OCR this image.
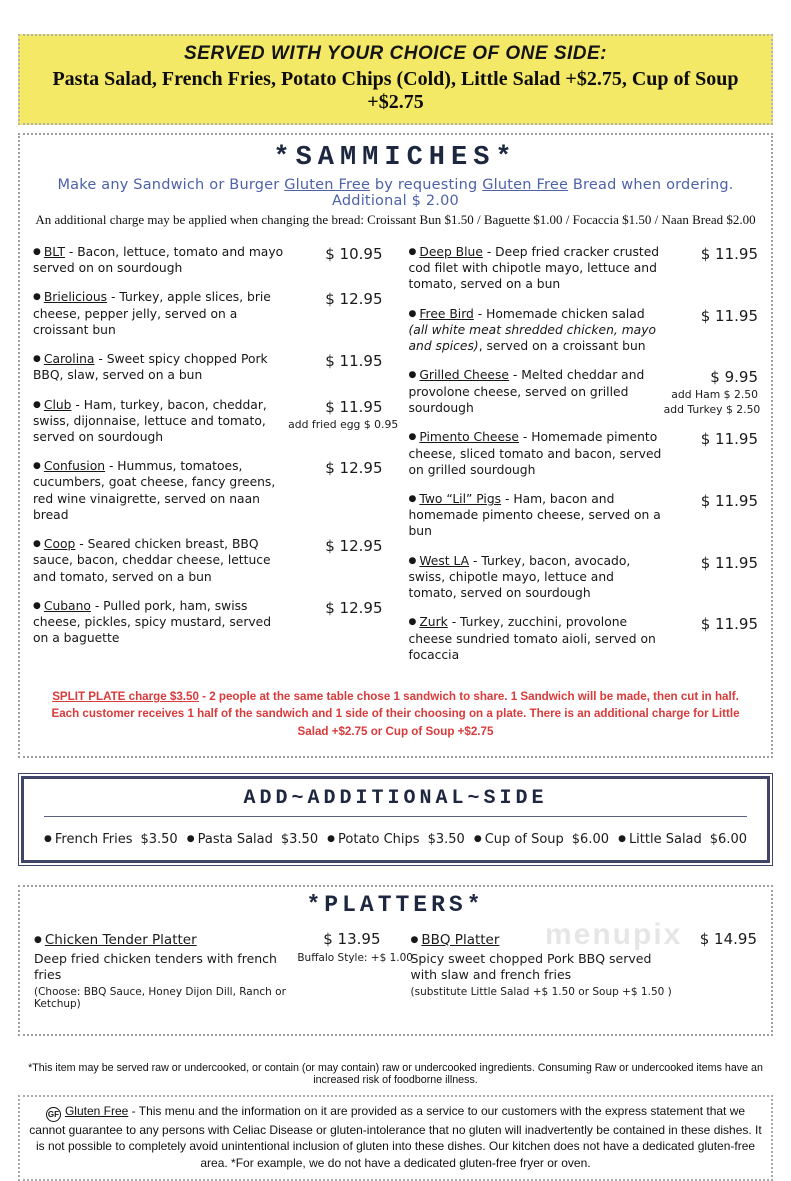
SERVED WITH YOUR CHOICE OF ONE SIDE:
Pasta Salad, French Fries, Potato Chips (Cold), Little Salad +$2.75, Cup of Soup +$2.75
*SAMMICHES*
Make any Sandwich or Burger Gluten Free by requesting Gluten Free Bread when ordering. Additional $ 2.00
An additional charge may be applied when changing the bread: Croissant Bun $1.50 / Baguette $1.00 / Focaccia $1.50 / Naan Bread $2.00
● BLT - Bacon, lettuce, tomato and mayo served on on sourdough
$ 10.95
● Brielicious - Turkey, apple slices, brie cheese, pepper jelly, served on a croissant bun
$ 12.95
● Carolina - Sweet spicy chopped Pork BBQ, slaw, served on a bun
$ 11.95
● Club - Ham, turkey, bacon, cheddar, swiss, dijonnaise, lettuce and tomato, served on sourdough
$ 11.95
add fried egg $ 0.95
● Confusion - Hummus, tomatoes, cucumbers, goat cheese, fancy greens, red wine vinaigrette, served on naan bread
$ 12.95
● Coop - Seared chicken breast, BBQ sauce, bacon, cheddar cheese, lettuce and tomato, served on a bun
$ 12.95
● Cubano - Pulled pork, ham, swiss cheese, pickles, spicy mustard, served on a baguette
$ 12.95
● Deep Blue - Deep fried cracker crusted cod filet with chipotle mayo, lettuce and tomato, served on a bun
$ 11.95
● Free Bird - Homemade chicken salad (all white meat shredded chicken, mayo and spices), served on a croissant bun
$ 11.95
● Grilled Cheese - Melted cheddar and provolone cheese, served on grilled sourdough
$ 9.95
add Ham $ 2.50
add Turkey $ 2.50
● Pimento Cheese - Homemade pimento cheese, sliced tomato and bacon, served on grilled sourdough
$ 11.95
● Two “Lil” Pigs - Ham, bacon and homemade pimento cheese, served on a bun
$ 11.95
● West LA - Turkey, bacon, avocado, swiss, chipotle mayo, lettuce and tomato, served on sourdough
$ 11.95
● Zurk - Turkey, zucchini, provolone cheese sundried tomato aioli, served on focaccia
$ 11.95
SPLIT PLATE charge $3.50 - 2 people at the same table chose 1 sandwich to share. 1 Sandwich will be made, then cut in half. Each customer receives 1 half of the sandwich and 1 side of their choosing on a plate. There is an additional charge for Little Salad +$2.75 or Cup of Soup +$2.75
ADD~ADDITIONAL~SIDE
● French Fries $3.50 ● Pasta Salad $3.50 ● Potato Chips $3.50 ● Cup of Soup $6.00 ● Little Salad $6.00
*PLATTERS*
● Chicken Tender Platter
Deep fried chicken tenders with french fries
(Choose: BBQ Sauce, Honey Dijon Dill, Ranch or Ketchup)
$ 13.95
Buffalo Style: +$ 1.00
● BBQ Platter
Spicy sweet chopped Pork BBQ served with slaw and french fries
(substitute Little Salad +$ 1.50 or Soup +$ 1.50 )
$ 14.95
*This item may be served raw or undercooked, or contain (or may contain) raw or undercooked ingredients. Consuming Raw or undercooked items have an increased risk of foodborne illness.
GF Gluten Free - This menu and the information on it are provided as a service to our customers with the express statement that we cannot guarantee to any persons with Celiac Disease or gluten-intolerance that no gluten will inadvertently be contained in these dishes. It is not possible to completely avoid unintentional inclusion of gluten into these dishes. Our kitchen does not have a dedicated gluten-free area. *For example, we do not have a dedicated gluten-free fryer or oven.
menupix
